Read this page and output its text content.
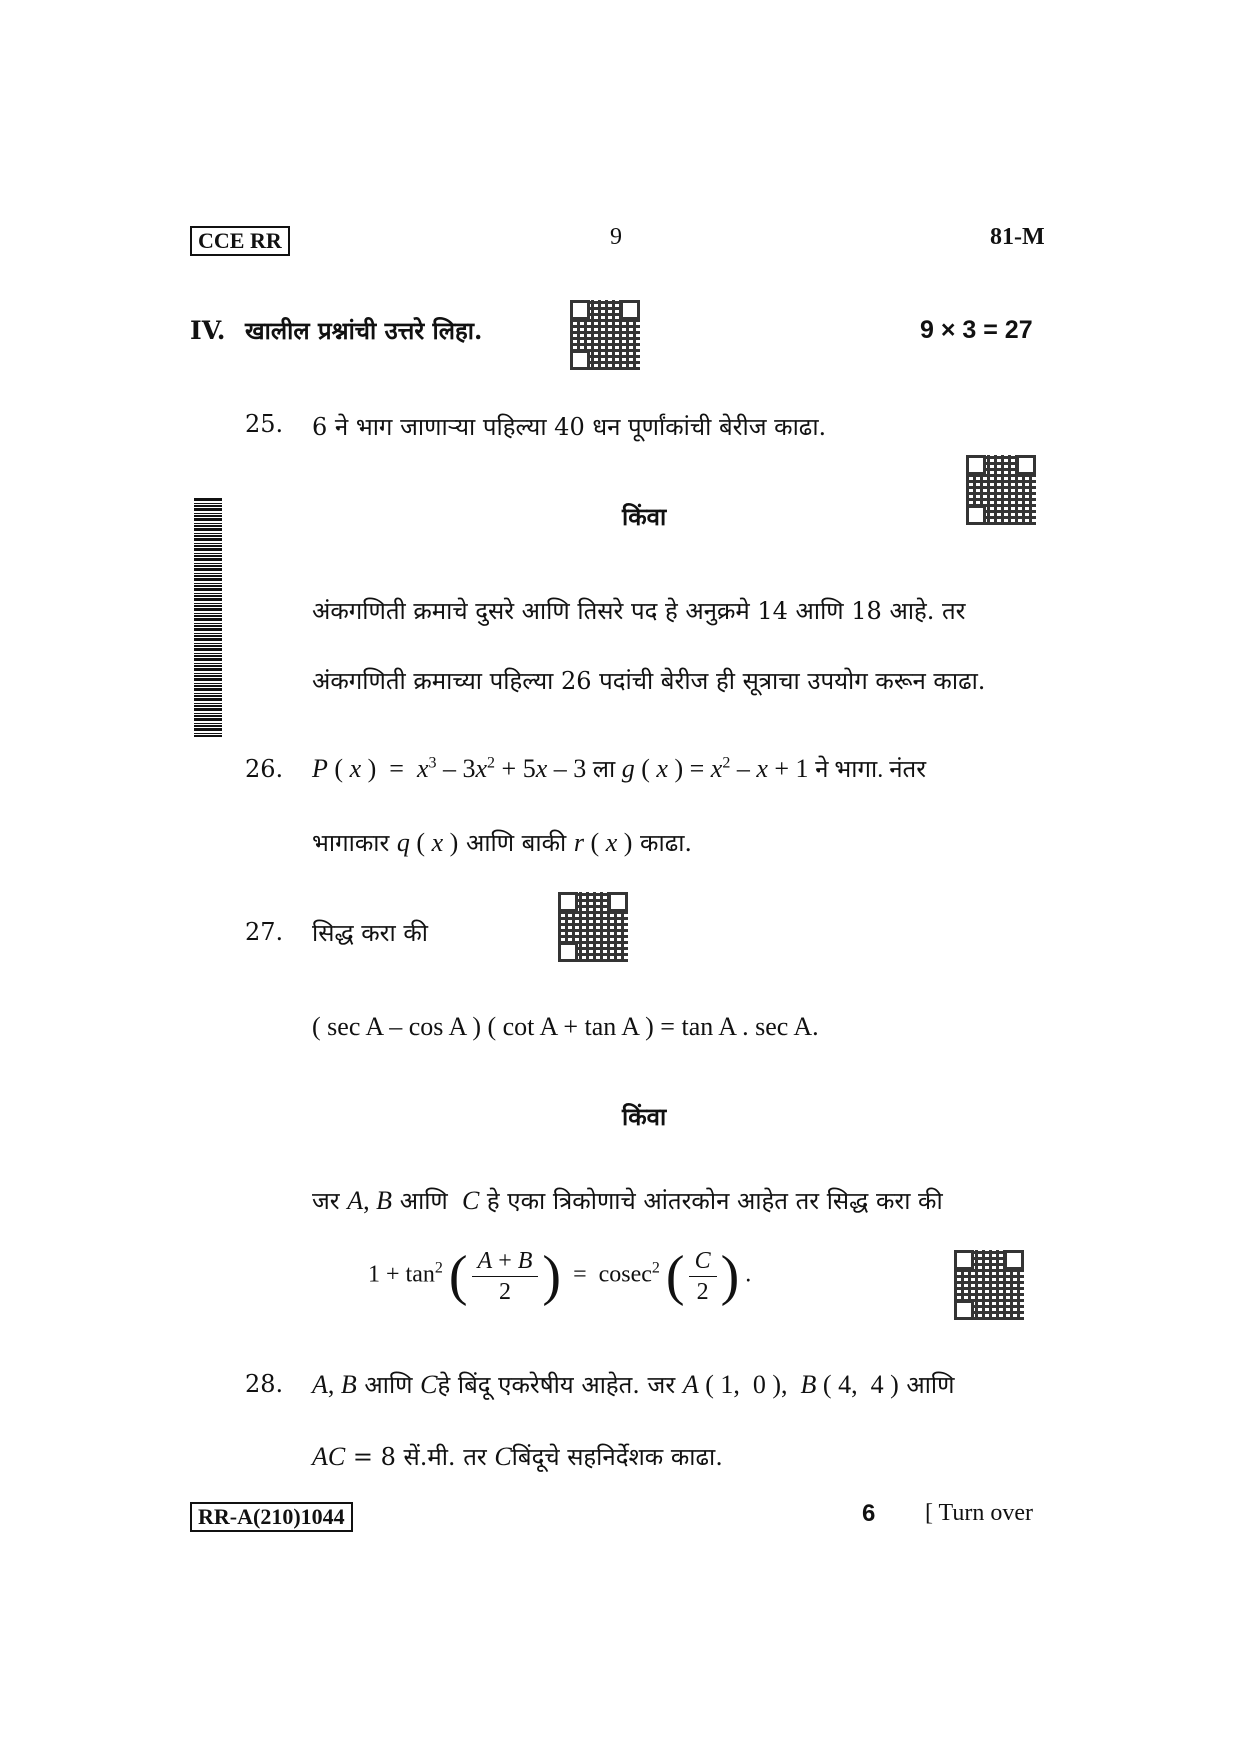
CCE RR	9	81-M
IV. खालील प्रश्नांची उत्तरे लिहा.	9 × 3 = 27
25. 6 ने भाग जाणाऱ्या पहिल्या 40 धन पूर्णांकांची बेरीज काढा.
किंवा
अंकगणिती क्रमाचे दुसरे आणि तिसरे पद हे अनुक्रमे 14 आणि 18 आहे. तर
अंकगणिती क्रमाच्या पहिल्या 26 पदांची बेरीज ही सूत्राचा उपयोग करून काढा.
26. P ( x )  =  $x^3 - 3x^2 + 5x - 3$ ला g ( x ) = $x^2 - x + 1$ ने भागा. नंतर
भागाकार q ( x ) आणि बाकी r ( x ) काढा.
27. सिद्ध करा की
( sec A – cos A ) ( cot A + tan A ) = tan A . sec A.
किंवा
जर A, B आणि C हे एका त्रिकोणाचे आंतरकोन आहेत तर सिद्ध करा की
$1 + \tan^2$ ( $\frac{A + B}{2}$ )  =  cosec$^2$ ( $\frac{C}{2}$ ) .
28. A, B आणि Cहे बिंदू एकरेषीय आहेत. जर A ( 1,  0 ),  B ( 4,  4 ) आणि
AC = 8 सें.मी. तर Cबिंदूचे सहनिर्देशक काढा.
RR-A(210)1044	6 [ Turn over
